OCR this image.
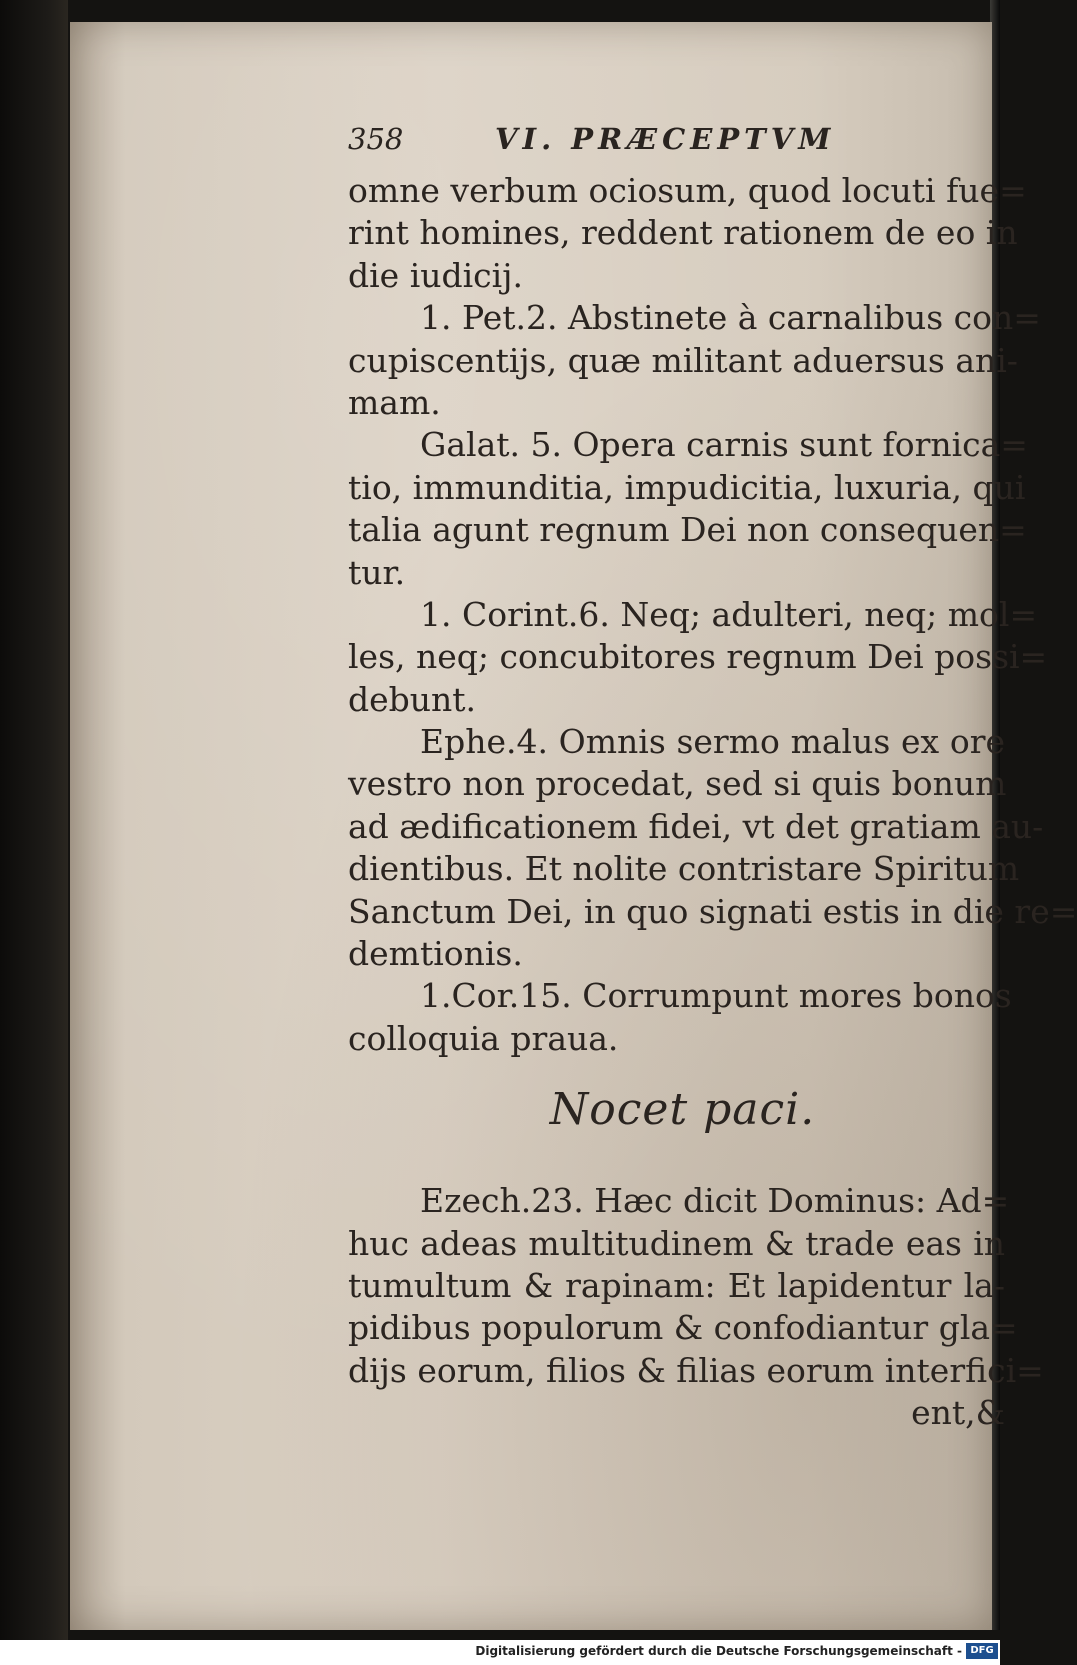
358	VI. PRÆCEPTVM
omne verbum ociosum, quod locuti fue=
rint homines, reddent rationem de eo in
die iudicij.
1. Pet.2. Abstinete à carnalibus con=
cupiscentijs, quæ militant aduersus ani-
mam.
Galat. 5. Opera carnis sunt fornica=
tio, immunditia, impudicitia, luxuria, qui
talia agunt regnum Dei non consequen=
tur.
1. Corint.6. Neq; adulteri, neq; mol=
les, neq; concubitores regnum Dei possi=
debunt.
Ephe.4. Omnis sermo malus ex ore
vestro non procedat, sed si quis bonum
ad ædificationem fidei, vt det gratiam au-
dientibus. Et nolite contristare Spiritum
Sanctum Dei, in quo signati estis in die re=
demtionis.
1.Cor.15. Corrumpunt mores bonos
colloquia praua.
Nocet paci.
Ezech.23. Hæc dicit Dominus: Ad=
huc adeas multitudinem & trade eas in
tumultum & rapinam: Et lapidentur la-
pidibus populorum & confodiantur gla=
dijs eorum, filios & filias eorum interfici=
ent,&
Digitalisierung gefördert durch die Deutsche Forschungsgemeinschaft - DFG
